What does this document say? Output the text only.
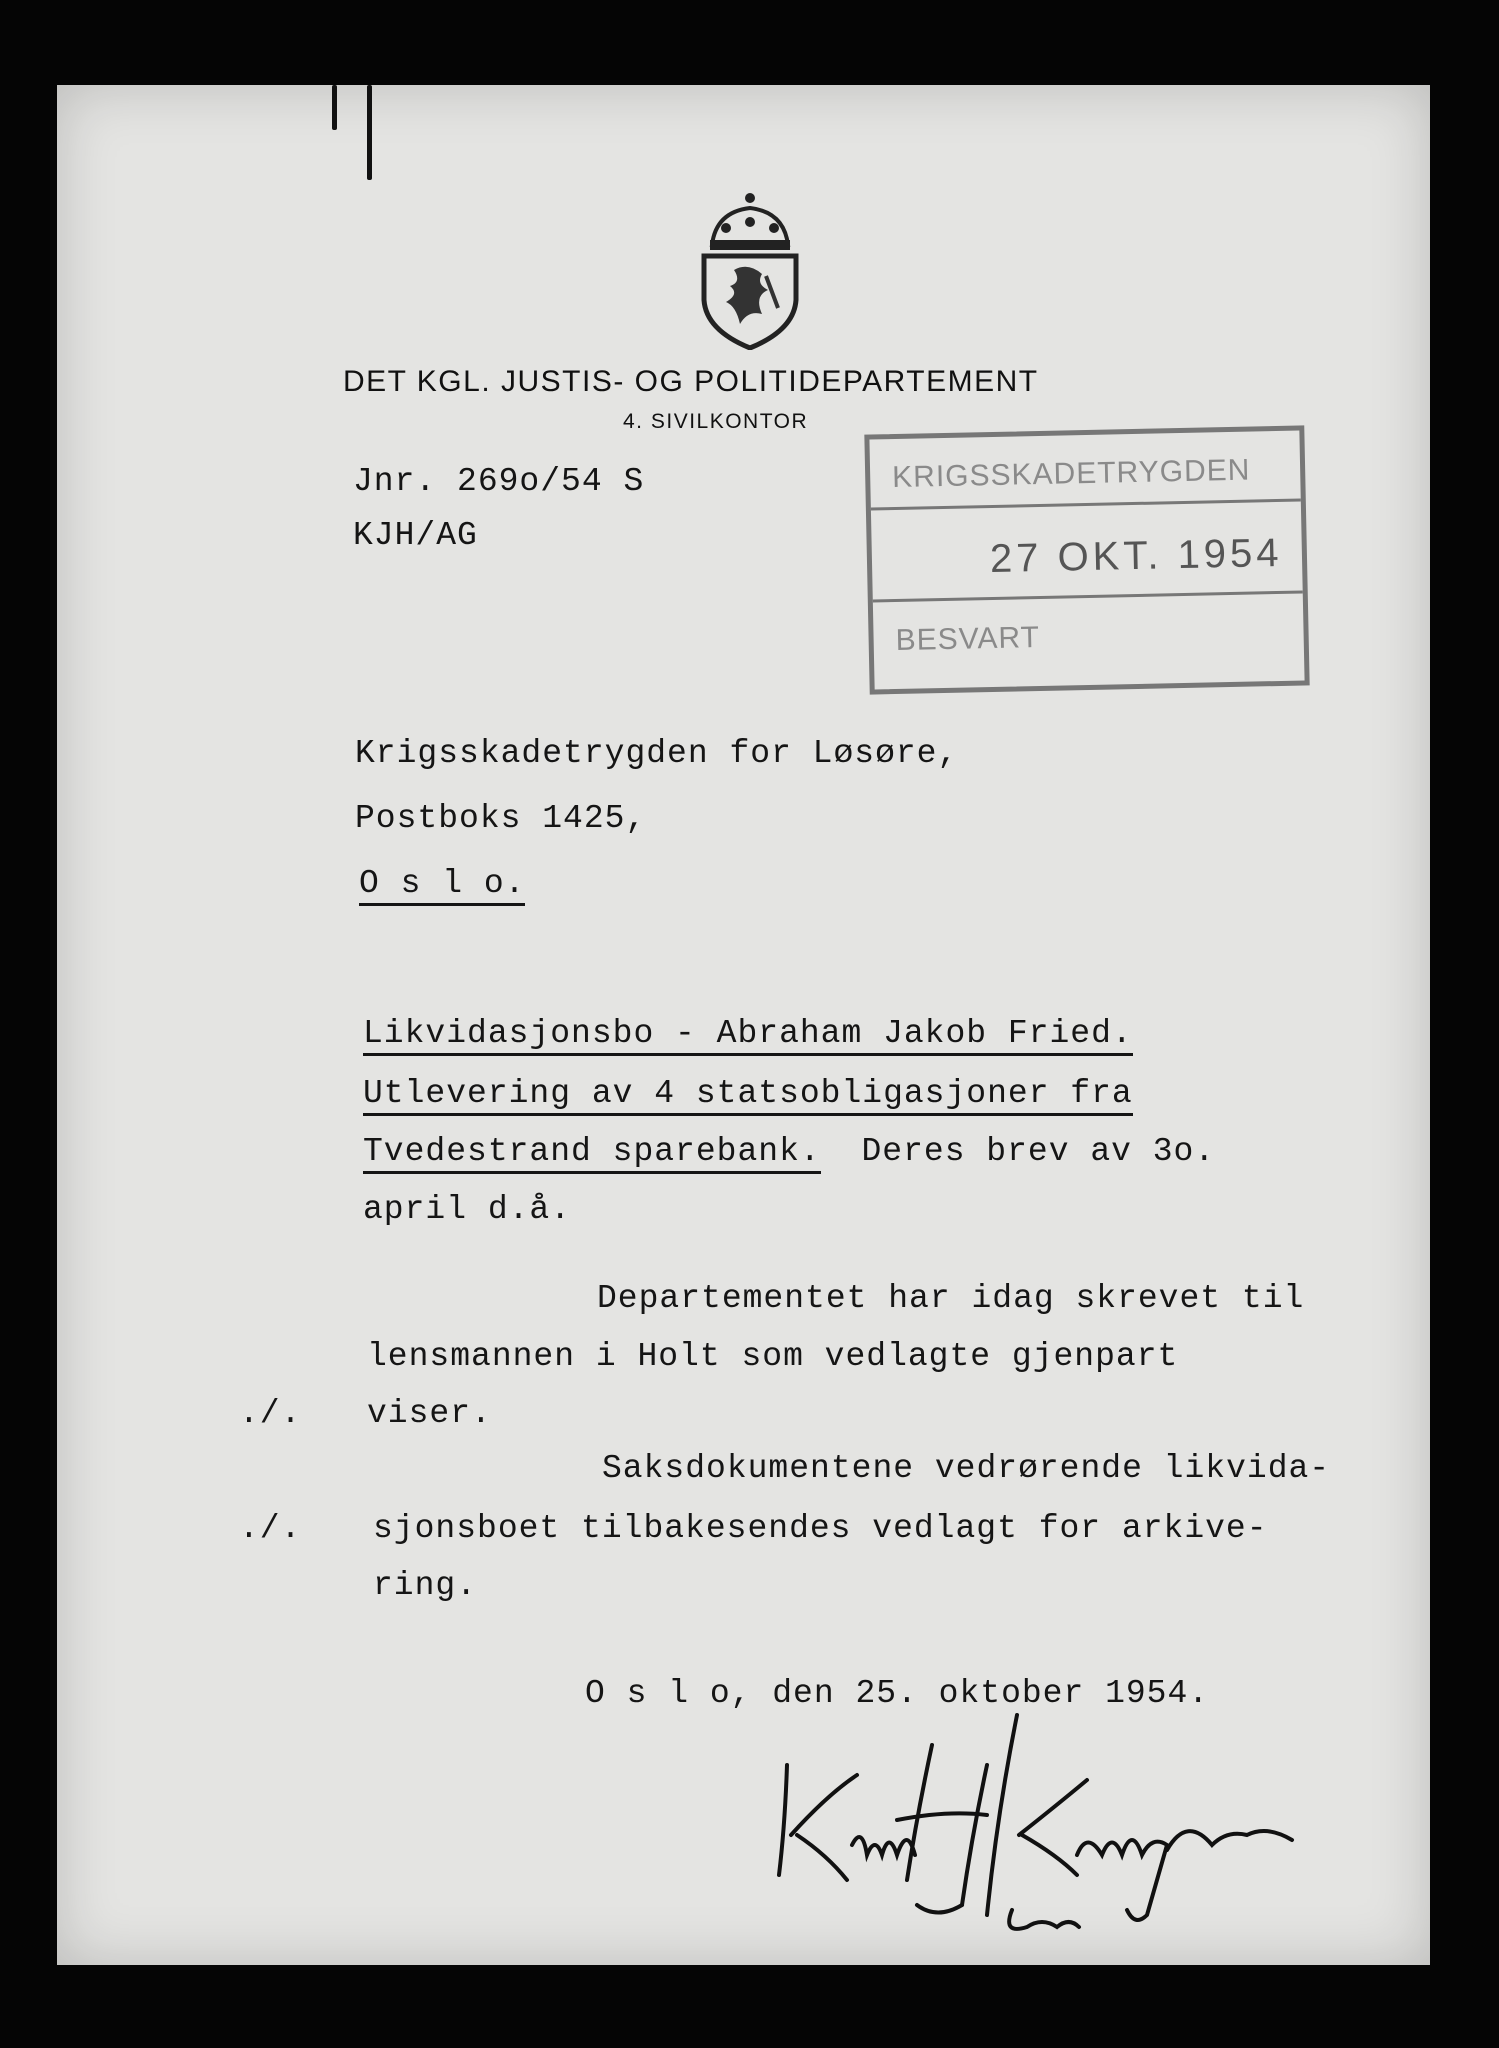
DET KGL. JUSTIS- OG POLITIDEPARTEMENT
4. SIVILKONTOR
Jnr. 269o/54 S
KJH/AG
KRIGSSKADETRYGDEN
27 OKT. 1954
BESVART
Krigsskadetrygden for Løsøre,
Postboks 1425,
O s l o.
Likvidasjonsbo - Abraham Jakob Fried.
Utlevering av 4 statsobligasjoner fra
Tvedestrand sparebank. Deres brev av 3o.
april d.å.
Departementet har idag skrevet til
lensmannen i Holt som vedlagte gjenpart
./. viser.
Saksdokumentene vedrørende likvida-
./. sjonsboet tilbakesendes vedlagt for arkive-
ring.
O s l o, den 25. oktober 1954.
